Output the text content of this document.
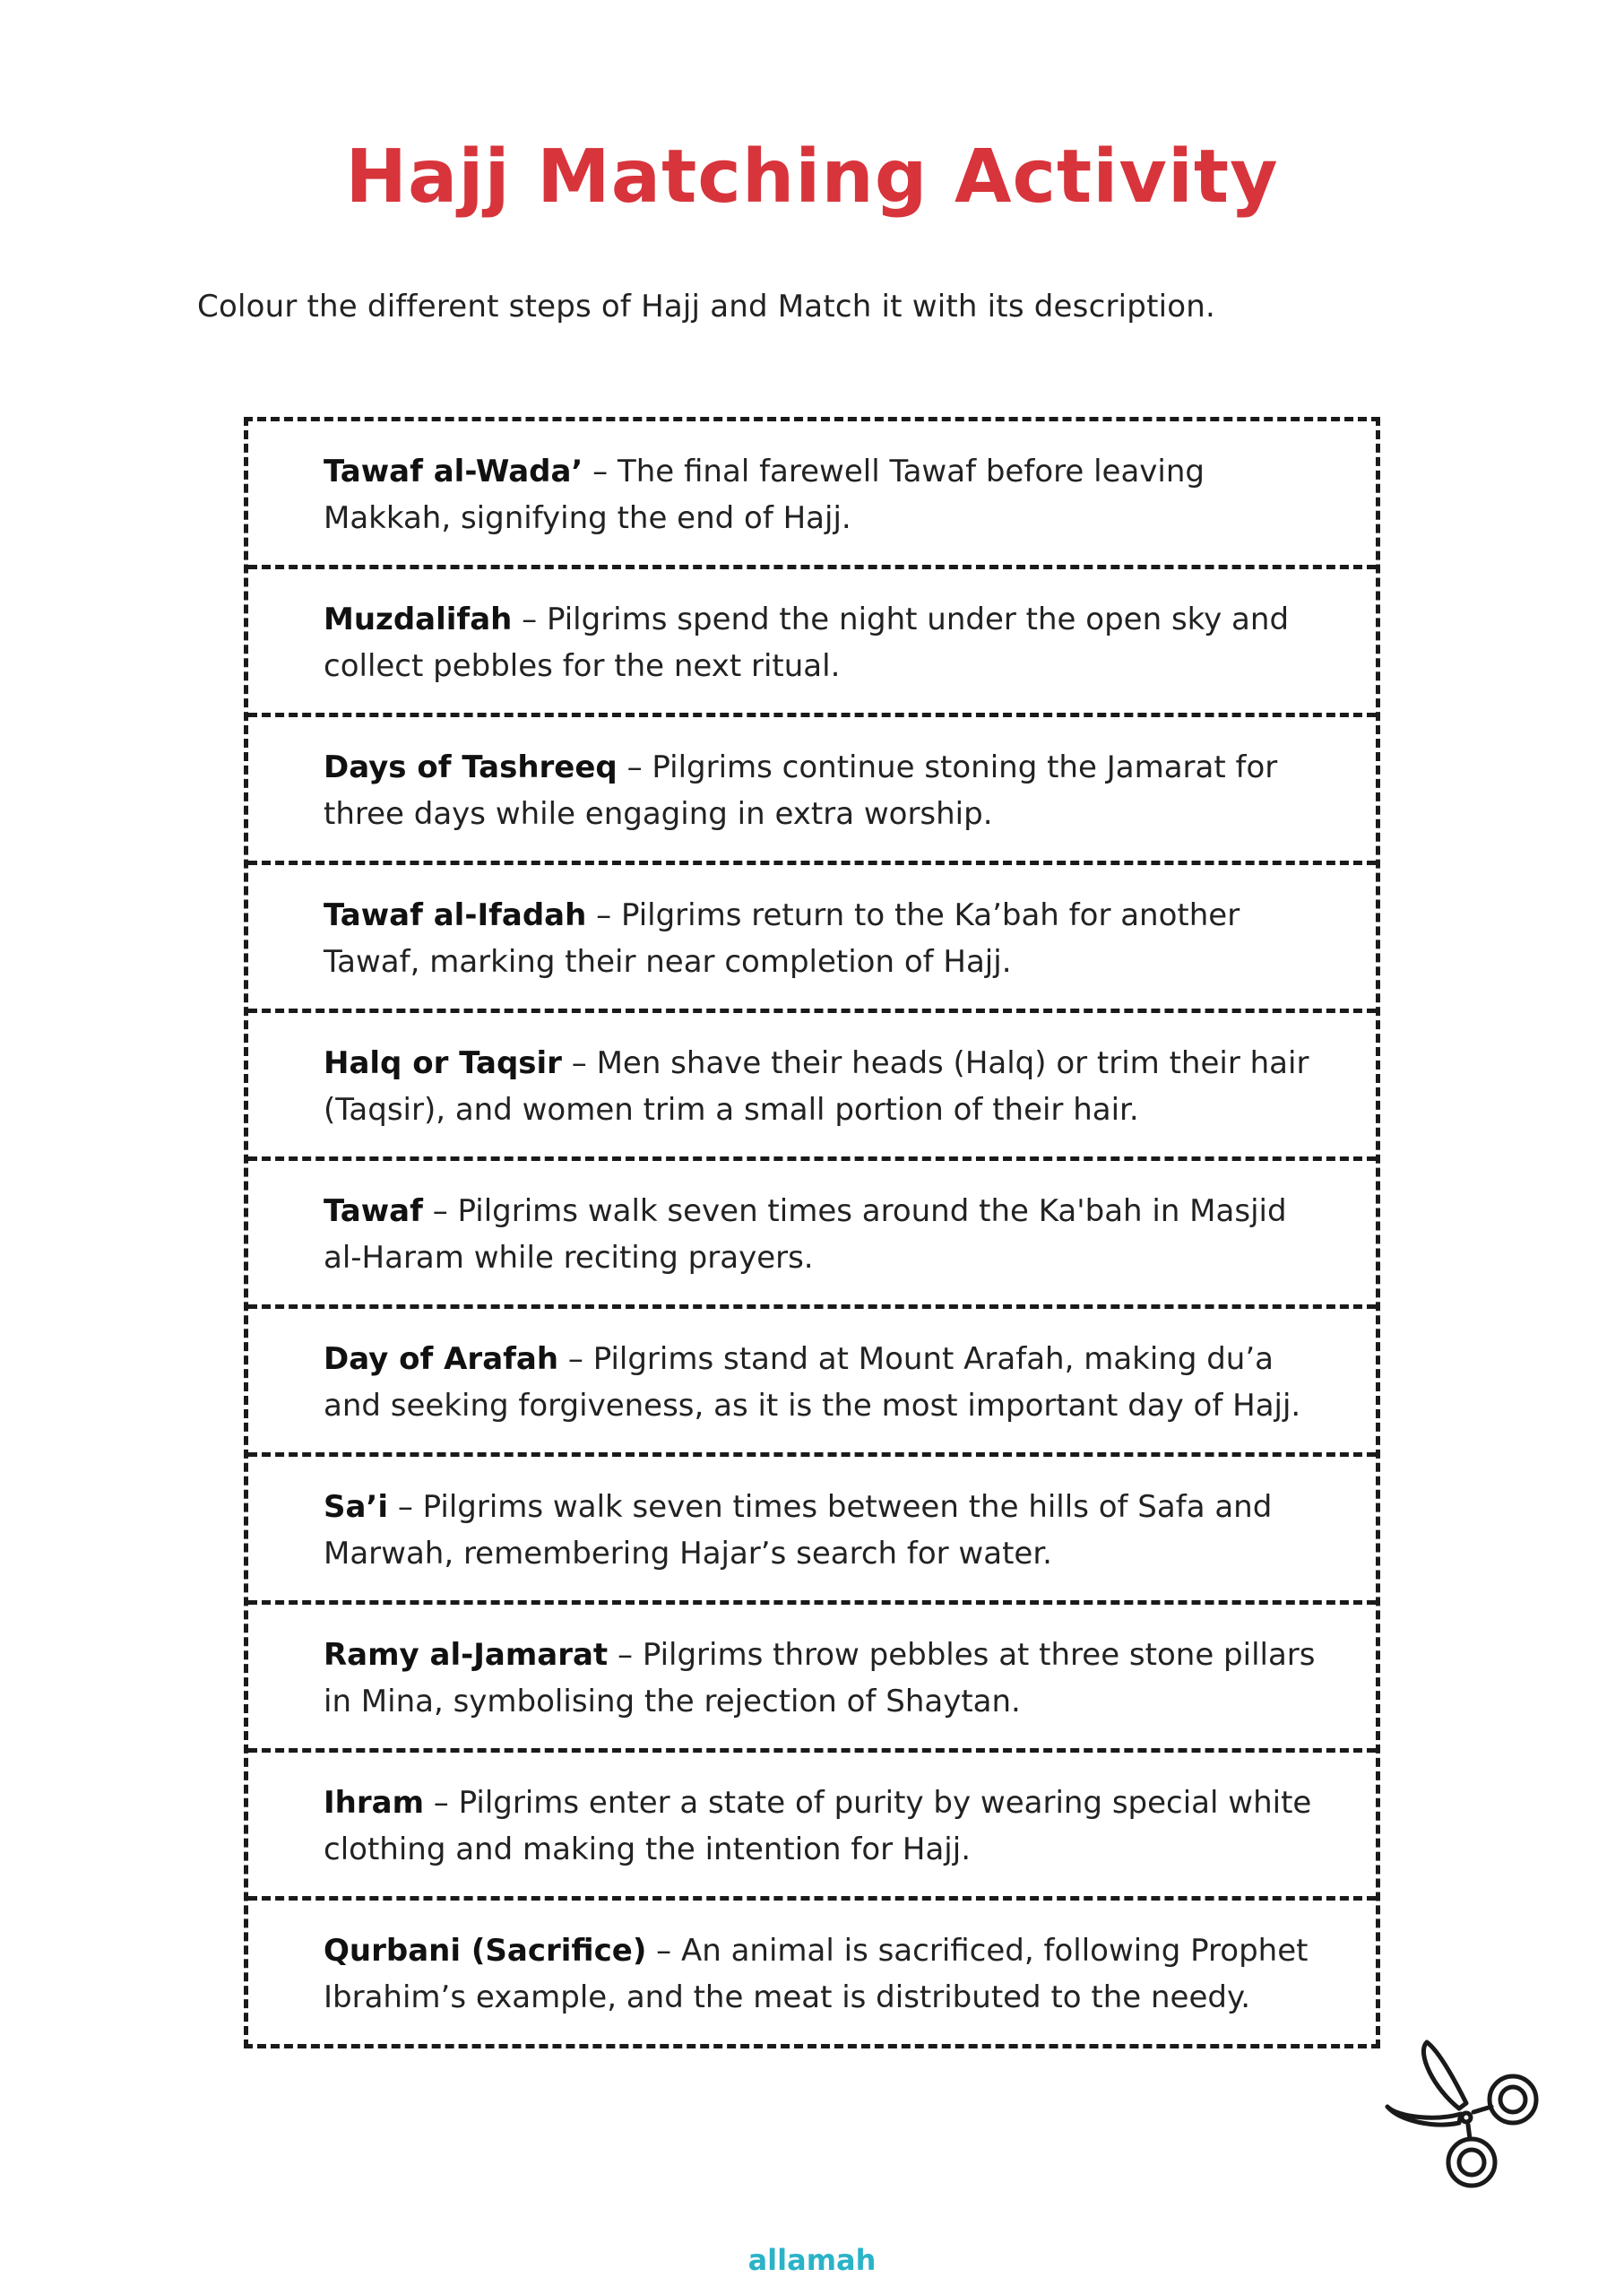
Hajj Matching Activity

Colour the different steps of Hajj and Match it with its description.

Tawaf al-Wada’ – The final farewell Tawaf before leaving Makkah, signifying the end of Hajj.
Muzdalifah – Pilgrims spend the night under the open sky and collect pebbles for the next ritual.
Days of Tashreeq – Pilgrims continue stoning the Jamarat for three days while engaging in extra worship.
Tawaf al-Ifadah – Pilgrims return to the Ka’bah for another Tawaf, marking their near completion of Hajj.
Halq or Taqsir – Men shave their heads (Halq) or trim their hair (Taqsir), and women trim a small portion of their hair.
Tawaf – Pilgrims walk seven times around the Ka'bah in Masjid al-Haram while reciting prayers.
Day of Arafah – Pilgrims stand at Mount Arafah, making du’a and seeking forgiveness, as it is the most important day of Hajj.
Sa’i – Pilgrims walk seven times between the hills of Safa and Marwah, remembering Hajar’s search for water.
Ramy al-Jamarat – Pilgrims throw pebbles at three stone pillars in Mina, symbolising the rejection of Shaytan.
Ihram – Pilgrims enter a state of purity by wearing special white clothing and making the intention for Hajj.
Qurbani (Sacrifice) – An animal is sacrificed, following Prophet Ibrahim’s example, and the meat is distributed to the needy.

allamah
